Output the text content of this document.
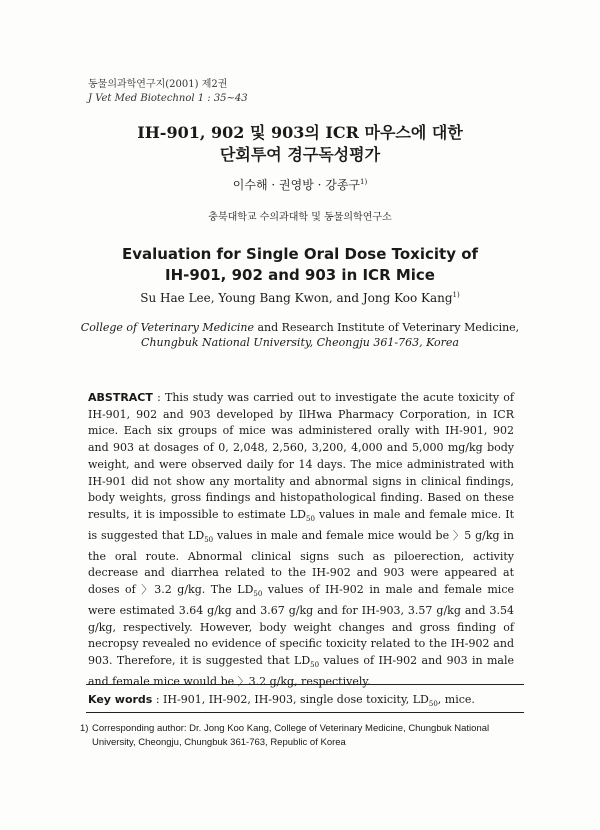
동물의과학연구지(2001) 제2권
J Vet Med Biotechnol 1 : 35~43
IH-901, 902 및 903의 ICR 마우스에 대한
단회투여 경구독성평가
이수해 · 권영방 · 강종구$^{1)}$
충북대학교 수의과대학 및 동물의학연구소
Evaluation for Single Oral Dose Toxicity of
IH-901, 902 and 903 in ICR Mice
Su Hae Lee, Young Bang Kwon, and Jong Koo Kang$^{1)}$
College of Veterinary Medicine and Research Institute of Veterinary Medicine,
Chungbuk National University, Cheongju 361-763, Korea
ABSTRACT : This study was carried out to investigate the acute toxicity of IH-901, 902 and 903 developed by IlHwa Pharmacy Corporation, in ICR mice. Each six groups of mice was administered orally with IH-901, 902 and 903 at dosages of 0, 2,048, 2,560, 3,200, 4,000 and 5,000 mg/kg body weight, and were observed daily for 14 days. The mice administrated with IH-901 did not show any mortality and abnormal signs in clinical findings, body weights, gross findings and histopathological finding. Based on these results, it is impossible to estimate $LD_{50}$ values in male and female mice. It is suggested that $LD_{50}$ values in male and female mice would be 〉5 g/kg in the oral route. Abnormal clinical signs such as piloerection, activity decrease and diarrhea related to the IH-902 and 903 were appeared at doses of 〉3.2 g/kg. The $LD_{50}$ values of IH-902 in male and female mice were estimated 3.64 g/kg and 3.67 g/kg and for IH-903, 3.57 g/kg and 3.54 g/kg, respectively. However, body weight changes and gross finding of necropsy revealed no evidence of specific toxicity related to the IH-902 and 903. Therefore, it is suggested that $LD_{50}$ values of IH-902 and 903 in male and female mice would be 〉3.2 g/kg, respectively.
Key words : IH-901, IH-902, IH-903, single dose toxicity, $LD_{50}$, mice.
1) Corresponding author: Dr. Jong Koo Kang, College of Veterinary Medicine, Chungbuk National University, Cheongju, Chungbuk 361-763, Republic of Korea
